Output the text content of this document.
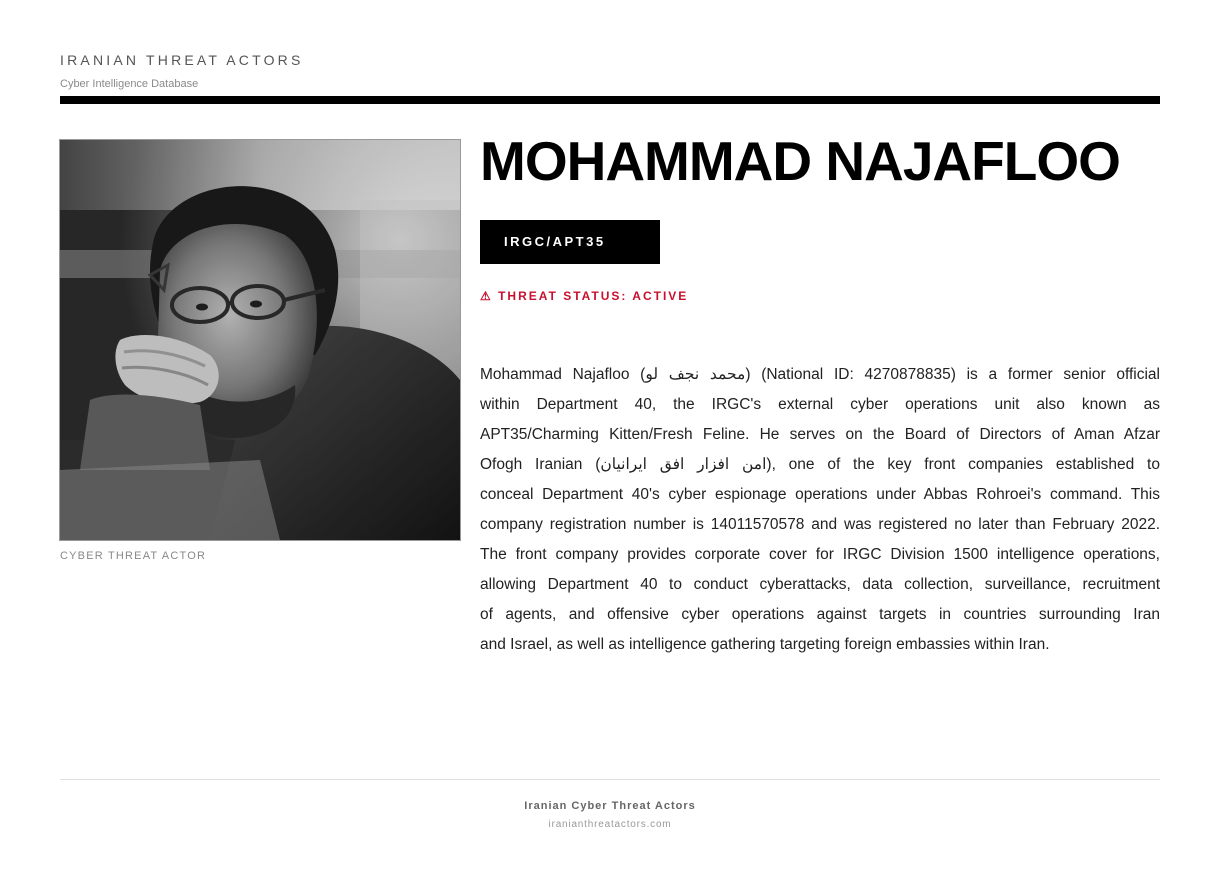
IRANIAN THREAT ACTORS
Cyber Intelligence Database
CYBER THREAT ACTOR
MOHAMMAD NAJAFLOO
IRGC/APT35
⚠ THREAT STATUS: ACTIVE
Mohammad Najafloo (محمد نجف لو) (National ID: 4270878835) is a former senior official
within Department 40, the IRGC's external cyber operations unit also known as
APT35/Charming Kitten/Fresh Feline. He serves on the Board of Directors of Aman Afzar
Ofogh Iranian (امن افزار افق ایرانیان), one of the key front companies established to
conceal Department 40's cyber espionage operations under Abbas Rohroei's command. This
company registration number is 14011570578 and was registered no later than February 2022.
The front company provides corporate cover for IRGC Division 1500 intelligence operations,
allowing Department 40 to conduct cyberattacks, data collection, surveillance, recruitment
of agents, and offensive cyber operations against targets in countries surrounding Iran
and Israel, as well as intelligence gathering targeting foreign embassies within Iran.
Iranian Cyber Threat Actors
iranianthreatactors.com
